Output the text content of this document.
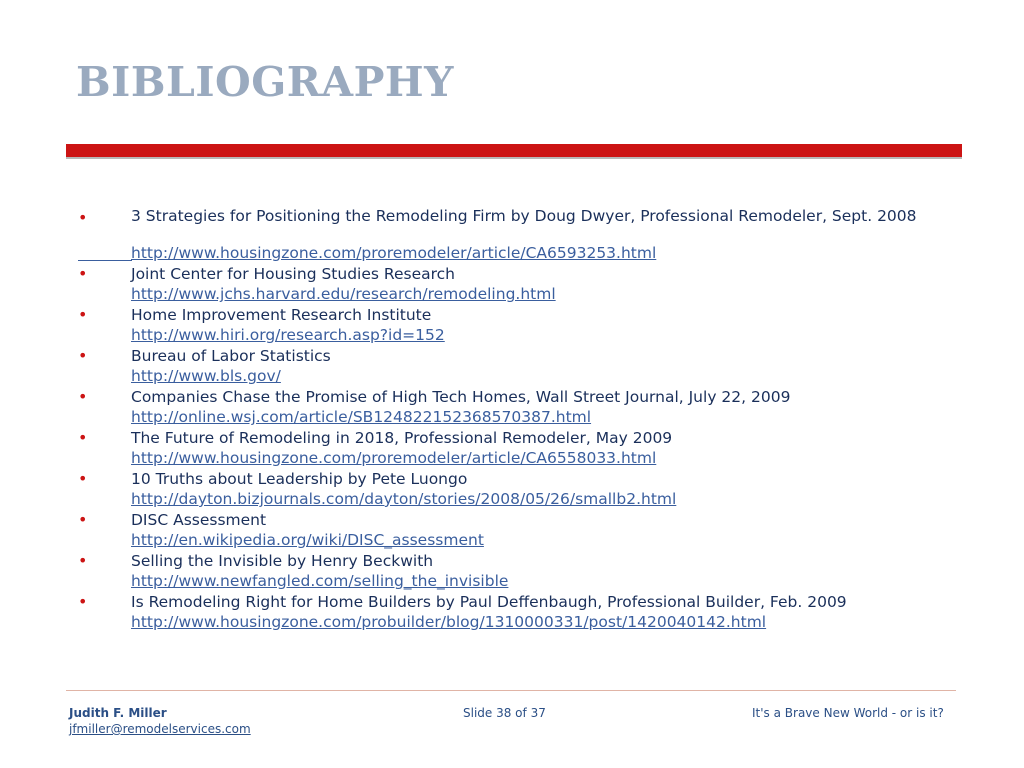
BIBLIOGRAPHY
•	3 Strategies for Positioning the Remodeling Firm by Doug Dwyer, Professional Remodeler, Sept. 2008
http://www.housingzone.com/proremodeler/article/CA6593253.html
•	Joint Center for Housing Studies Research
http://www.jchs.harvard.edu/research/remodeling.html
•	Home Improvement Research Institute
http://www.hiri.org/research.asp?id=152
•	Bureau of Labor Statistics
http://www.bls.gov/
•	Companies Chase the Promise of High Tech Homes, Wall Street Journal, July 22, 2009
http://online.wsj.com/article/SB124822152368570387.html
•	The Future of Remodeling in 2018, Professional Remodeler, May 2009
http://www.housingzone.com/proremodeler/article/CA6558033.html
•	10 Truths about Leadership by Pete Luongo
http://dayton.bizjournals.com/dayton/stories/2008/05/26/smallb2.html
•	DISC Assessment
http://en.wikipedia.org/wiki/DISC_assessment
•	Selling the Invisible by Henry Beckwith
http://www.newfangled.com/selling_the_invisible
•	Is Remodeling Right for Home Builders by Paul Deffenbaugh, Professional Builder, Feb. 2009
http://www.housingzone.com/probuilder/blog/1310000331/post/1420040142.html
Judith F. Miller
jfmiller@remodelservices.com
Slide 38 of 37	It's a Brave New World - or is it?
